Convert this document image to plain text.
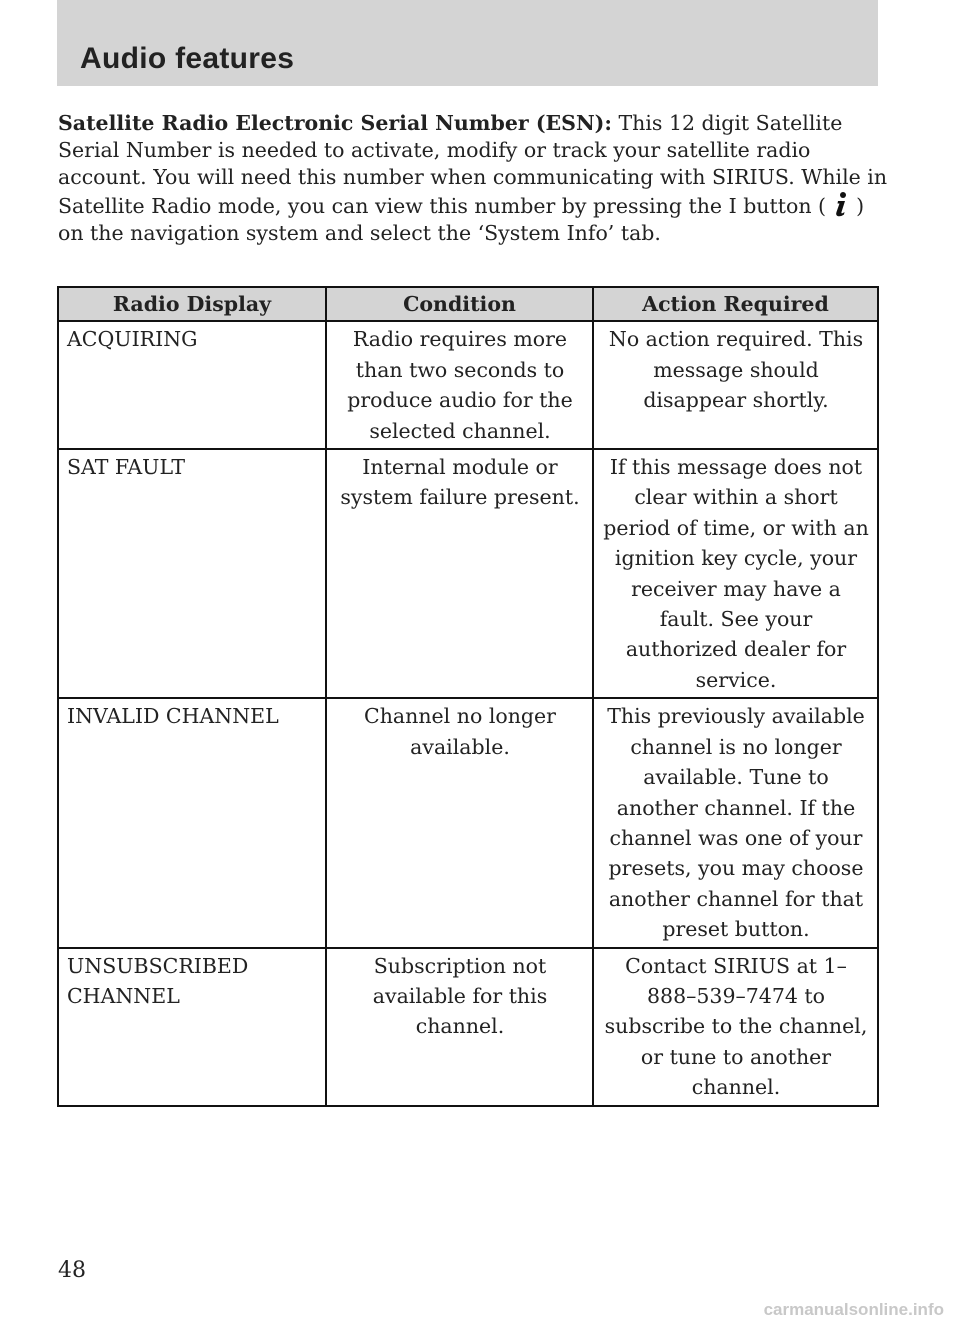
Audio features
Satellite Radio Electronic Serial Number (ESN): This 12 digit Satellite Serial Number is needed to activate, modify or track your satellite radio account. You will need this number when communicating with SIRIUS. While in Satellite Radio mode, you can view this number by pressing the I button ( ) on the navigation system and select the ‘System Info’ tab.
Radio Display	Condition	Action Required
ACQUIRING	Radio requires more than two seconds to produce audio for the selected channel.	No action required. This message should disappear shortly.
SAT FAULT	Internal module or system failure present.	If this message does not clear within a short period of time, or with an ignition key cycle, your receiver may have a fault. See your authorized dealer for service.
INVALID CHANNEL	Channel no longer available.	This previously available channel is no longer available. Tune to another channel. If the channel was one of your presets, you may choose another channel for that preset button.
UNSUBSCRIBED CHANNEL	Subscription not available for this channel.	Contact SIRIUS at 1–888–539–7474 to subscribe to the channel, or tune to another channel.
48
carmanualsonline.info
